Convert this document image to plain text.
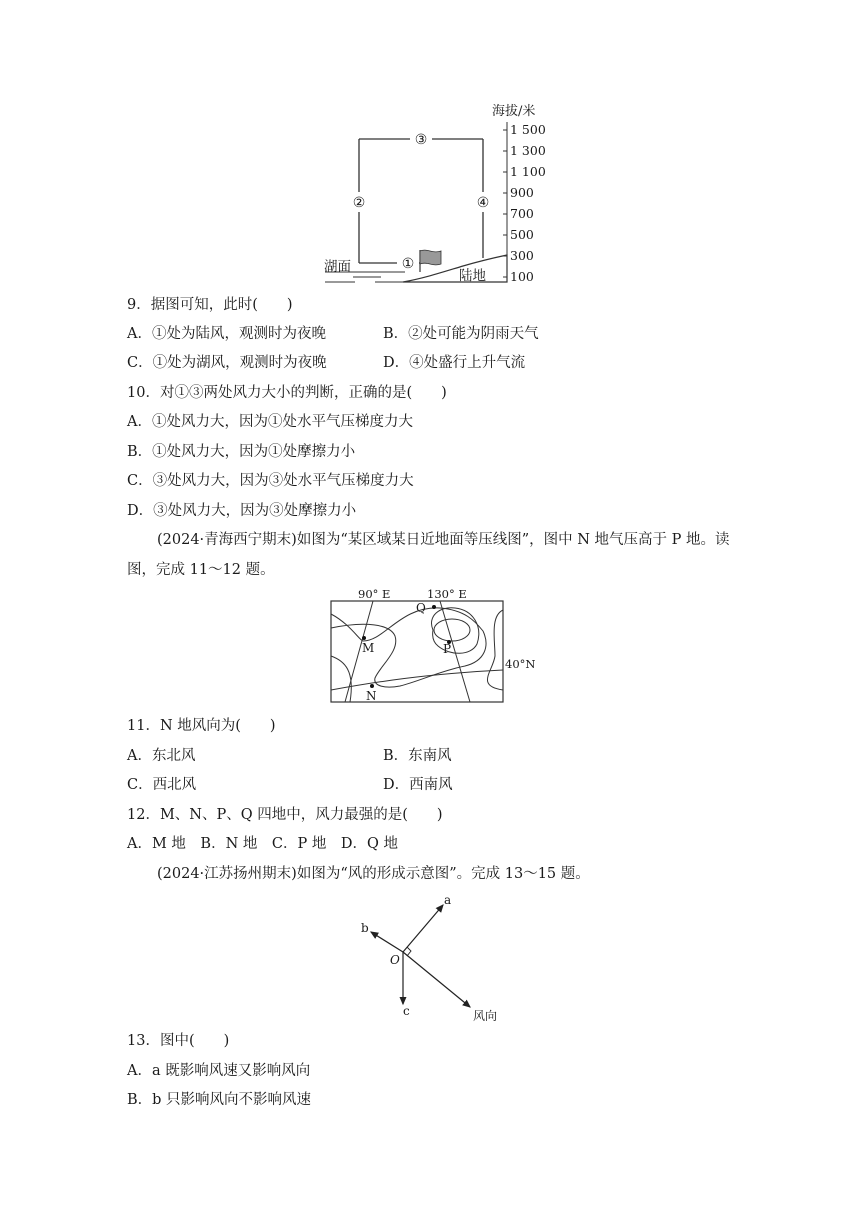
③
②	④
①
湖面
陆地
海拔/米
1 500
1 300
1 100
900
700
500
300
100
9．据图可知，此时(　　)
A．①处为陆风，观测时为夜晚	B．②处可能为阴雨天气
C．①处为湖风，观测时为夜晚	D．④处盛行上升气流
10．对①③两处风力大小的判断，正确的是(　　)
A．①处风力大，因为①处水平气压梯度力大
B．①处风力大，因为①处摩擦力小
C．③处风力大，因为③处水平气压梯度力大
D．③处风力大，因为③处摩擦力小
(2024·青海西宁期末)如图为“某区域某日近地面等压线图”，图中 N 地气压高于 P 地。读
图，完成 11～12 题。
Q
M	P
N
90° E	130° E
40°N
11．N 地风向为(　　)
A．东北风	B．东南风
C．西北风	D．西南风
12．M、N、P、Q 四地中，风力最强的是(　　)
A．M 地　B．N 地　C．P 地　D．Q 地
(2024·江苏扬州期末)如图为“风的形成示意图”。完成 13～15 题。
a
b
c
O
风向
13．图中(　　)
A．a 既影响风速又影响风向
B．b 只影响风向不影响风速
